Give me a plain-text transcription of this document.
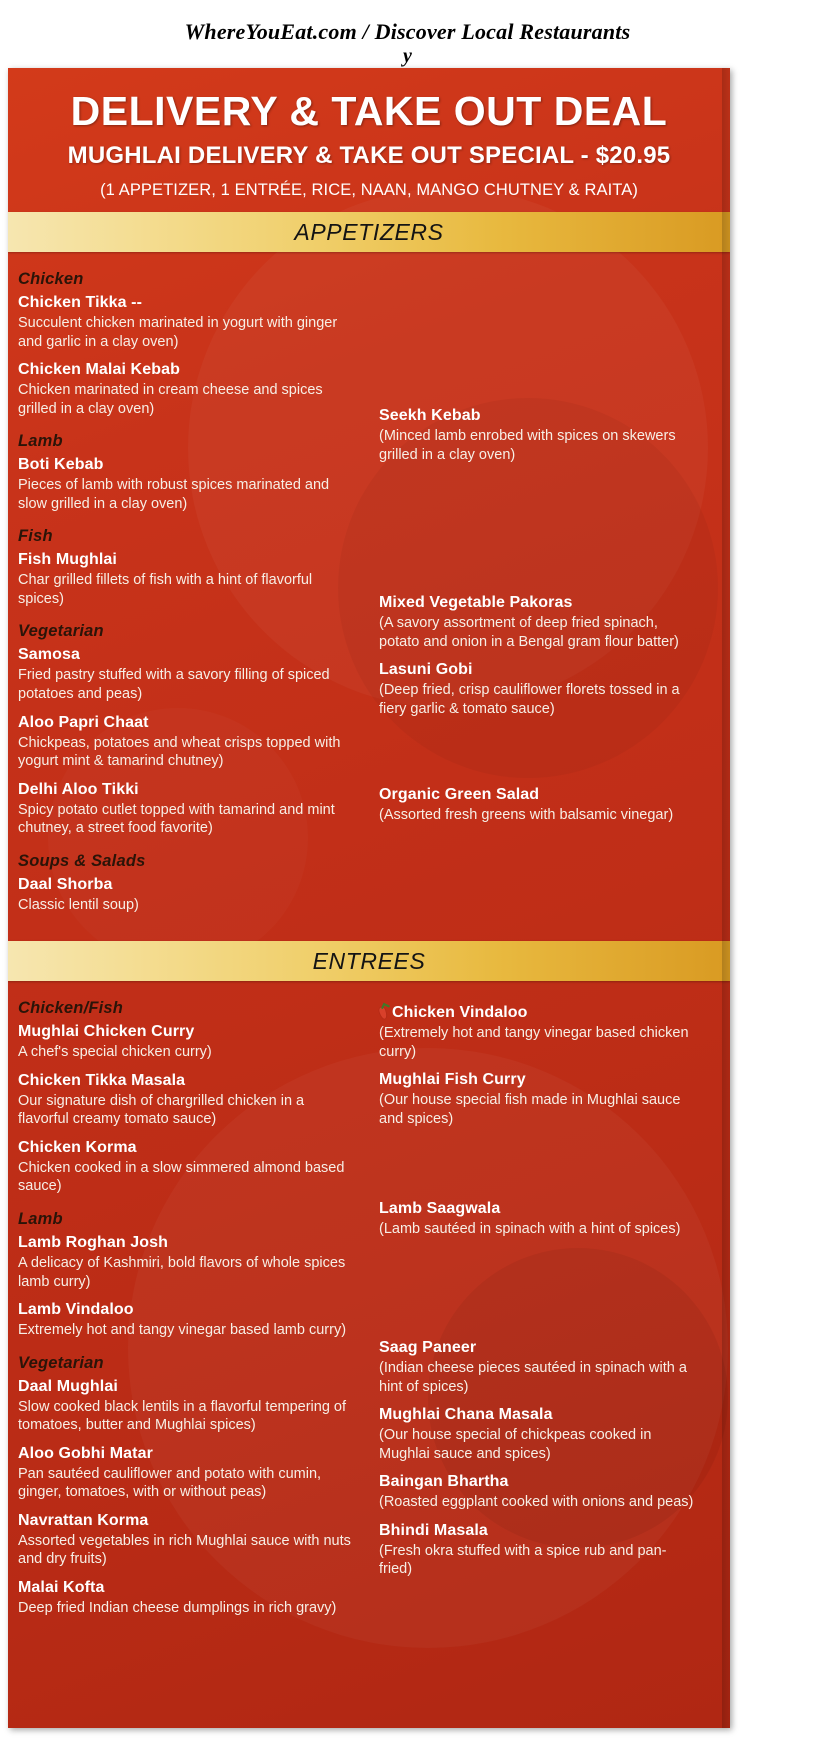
WhereYouEat.com / Discover Local Restaurants
y
DELIVERY & TAKE OUT DEAL
MUGHLAI DELIVERY & TAKE OUT SPECIAL - $20.95
(1 APPETIZER, 1 ENTRÉE, RICE, NAAN, MANGO CHUTNEY & RAITA)
APPETIZERS
Chicken
Chicken Tikka --
Succulent chicken marinated in yogurt with ginger and garlic in a clay oven)
Chicken Malai Kebab
Chicken marinated in cream cheese and spices grilled in a clay oven)
Lamb
Boti Kebab
Pieces of lamb with robust spices marinated and slow grilled in a clay oven)
Fish
Fish Mughlai
Char grilled fillets of fish with a hint of flavorful spices)
Vegetarian
Samosa
Fried pastry stuffed with a savory filling of spiced potatoes and peas)
Aloo Papri Chaat
Chickpeas, potatoes and wheat crisps topped with yogurt mint & tamarind chutney)
Delhi Aloo Tikki
Spicy potato cutlet topped with tamarind and mint chutney, a street food favorite)
Soups & Salads
Daal Shorba
Classic lentil soup)
Seekh Kebab
(Minced lamb enrobed with spices on skewers grilled in a clay oven)
Mixed Vegetable Pakoras
(A savory assortment of deep fried spinach, potato and onion in a Bengal gram flour batter)
Lasuni Gobi
(Deep fried, crisp cauliflower florets tossed in a fiery garlic & tomato sauce)
Organic Green Salad
(Assorted fresh greens with balsamic vinegar)
ENTREES
Chicken/Fish
Mughlai Chicken Curry
A chef's special chicken curry)
Chicken Tikka Masala
Our signature dish of chargrilled chicken in a flavorful creamy tomato sauce)
Chicken Korma
Chicken cooked in a slow simmered almond based sauce)
Lamb
Lamb Roghan Josh
A delicacy of Kashmiri, bold flavors of whole spices lamb curry)
Lamb Vindaloo
Extremely hot and tangy vinegar based lamb curry)
Vegetarian
Daal Mughlai
Slow cooked black lentils in a flavorful tempering of tomatoes, butter and Mughlai spices)
Aloo Gobhi Matar
Pan sautéed cauliflower and potato with cumin, ginger, tomatoes, with or without peas)
Navrattan Korma
Assorted vegetables in rich Mughlai sauce with nuts and dry fruits)
Malai Kofta
Deep fried Indian cheese dumplings in rich gravy)
Chicken Vindaloo
(Extremely hot and tangy vinegar based chicken curry)
Mughlai Fish Curry
(Our house special fish made in Mughlai sauce and spices)
Lamb Saagwala
(Lamb sautéed in spinach with a hint of spices)
Saag Paneer
(Indian cheese pieces sautéed in spinach with a hint of spices)
Mughlai Chana Masala
(Our house special of chickpeas cooked in Mughlai sauce and spices)
Baingan Bhartha
(Roasted eggplant cooked with onions and peas)
Bhindi Masala
(Fresh okra stuffed with a spice rub and pan-fried)
